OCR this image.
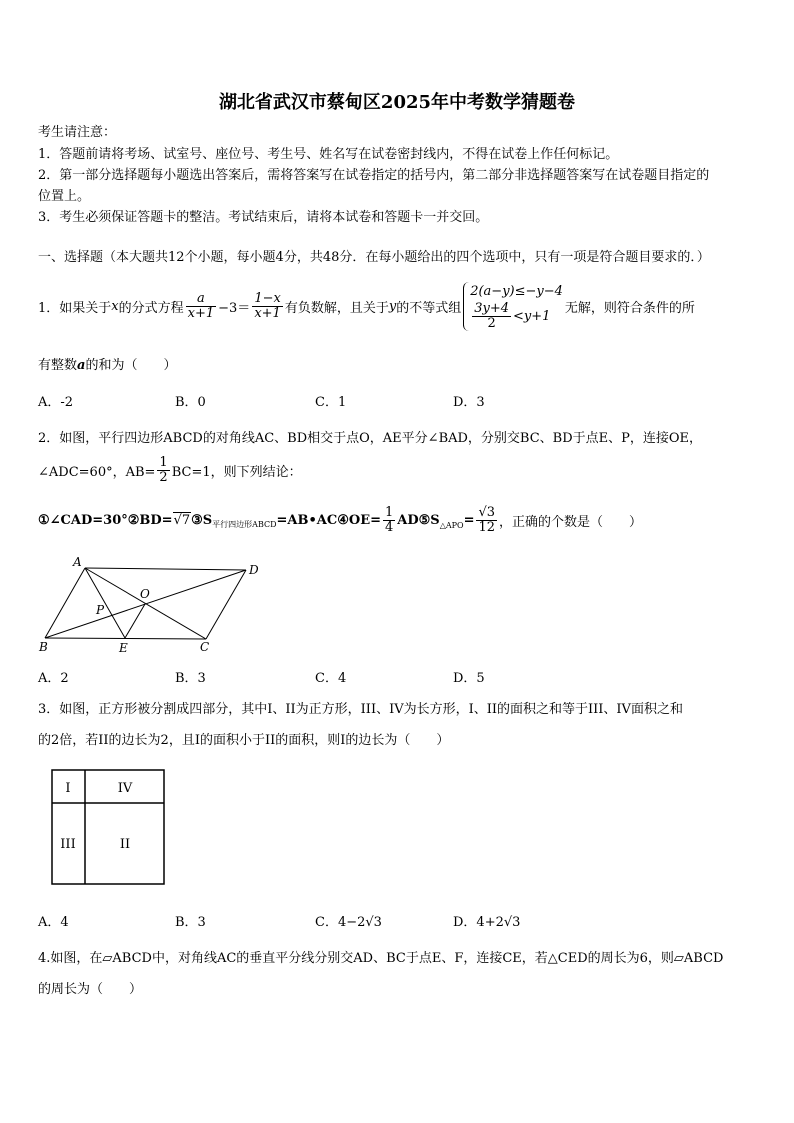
湖北省武汉市蔡甸区2025年中考数学猜题卷
考生请注意：
1．答题前请将考场、试室号、座位号、考生号、姓名写在试卷密封线内，不得在试卷上作任何标记。
2．第一部分选择题每小题选出答案后，需将答案写在试卷指定的括号内，第二部分非选择题答案写在试卷题目指定的
位置上。
3．考生必须保证答题卡的整洁。考试结束后，请将本试卷和答题卡一并交回。
一、选择题（本大题共12个小题，每小题4分，共48分．在每小题给出的四个选项中，只有一项是符合题目要求的．）
1．如果关于 x 的分式方程 $\frac{a}{x+1} -3= \frac{1-x}{x+1}$ 有负数解，且关于 y 的不等式组
2(a−y)≤−y−4
$\frac{3y+4}{2} <y+1$
无解，则符合条件的所
有整数a的和为（　　）
A．-2	B．0	C．1	D．3
2．如图，平行四边形ABCD的对角线AC、BD相交于点O，AE平分∠BAD，分别交BC、BD于点E、P，连接OE，
∠ADC=60°，$AB= \frac{1}{2} BC=1$，则下列结论：
①∠CAD=30°②BD= √7 ③S 平行四边形ABCD =AB•AC④OE= $\frac{1}{4}$ AD⑤S △APO = $\frac{√3}{12}$ ，正确的个数是（　　）
A
D
B	C
O
P
E
A．2	B．3	C．4	D．5
3．如图，正方形被分割成四部分，其中I、II为正方形，III、IV为长方形，I、II的面积之和等于III、IV面积之和
的2倍，若II的边长为2，且I的面积小于II的面积，则I的边长为（　　）
I	IV
III	II
A．4	B．3	C．4−2√3	D．4+2√3
4.如图，在▱ABCD中，对角线AC的垂直平分线分别交AD、BC于点E、F，连接CE，若△CED的周长为6，则▱ABCD
的周长为（　　）
